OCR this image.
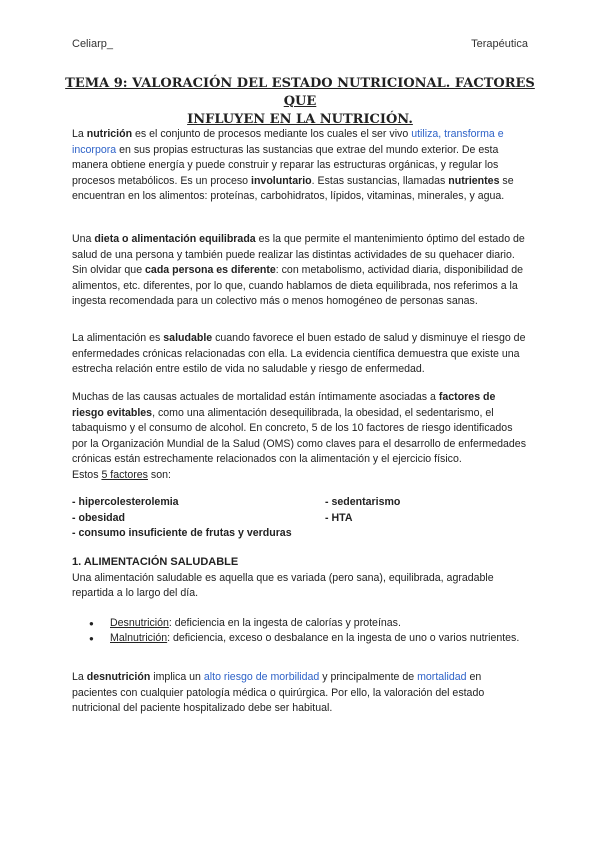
Celiarp_	Terapéutica
TEMA 9: VALORACIÓN DEL ESTADO NUTRICIONAL. FACTORES QUE
INFLUYEN EN LA NUTRICIÓN.

La nutrición es el conjunto de procesos mediante los cuales el ser vivo utiliza, transforma e incorpora en sus propias estructuras las sustancias que extrae del mundo exterior. De esta manera obtiene energía y puede construir y reparar las estructuras orgánicas, y regular los procesos metabólicos. Es un proceso involuntario. Estas sustancias, llamadas nutrientes se encuentran en los alimentos: proteínas, carbohidratos, lípidos, vitaminas, minerales, y agua.

Una dieta o alimentación equilibrada es la que permite el mantenimiento óptimo del estado de salud de una persona y también puede realizar las distintas actividades de su quehacer diario. Sin olvidar que cada persona es diferente: con metabolismo, actividad diaria, disponibilidad de alimentos, etc. diferentes, por lo que, cuando hablamos de dieta equilibrada, nos referimos a la ingesta recomendada para un colectivo más o menos homogéneo de personas sanas.

La alimentación es saludable cuando favorece el buen estado de salud y disminuye el riesgo de enfermedades crónicas relacionadas con ella. La evidencia científica demuestra que existe una estrecha relación entre estilo de vida no saludable y riesgo de enfermedad.

Muchas de las causas actuales de mortalidad están íntimamente asociadas a factores de riesgo evitables, como una alimentación desequilibrada, la obesidad, el sedentarismo, el tabaquismo y el consumo de alcohol. En concreto, 5 de los 10 factores de riesgo identificados por la Organización Mundial de la Salud (OMS) como claves para el desarrollo de enfermedades crónicas están estrechamente relacionados con la alimentación y el ejercicio físico.

Estos 5 factores son:

- hipercolesterolemia
- obesidad
- consumo insuficiente de frutas y verduras
- sedentarismo
- HTA
1. ALIMENTACIÓN SALUDABLE

Una alimentación saludable es aquella que es variada (pero sana), equilibrada, agradable repartida a lo largo del día.

● Desnutrición: deficiencia en la ingesta de calorías y proteínas.
● Malnutrición: deficiencia, exceso o desbalance en la ingesta de uno o varios nutrientes.

La desnutrición implica un alto riesgo de morbilidad y principalmente de mortalidad en pacientes con cualquier patología médica o quirúrgica. Por ello, la valoración del estado nutricional del paciente hospitalizado debe ser habitual.
